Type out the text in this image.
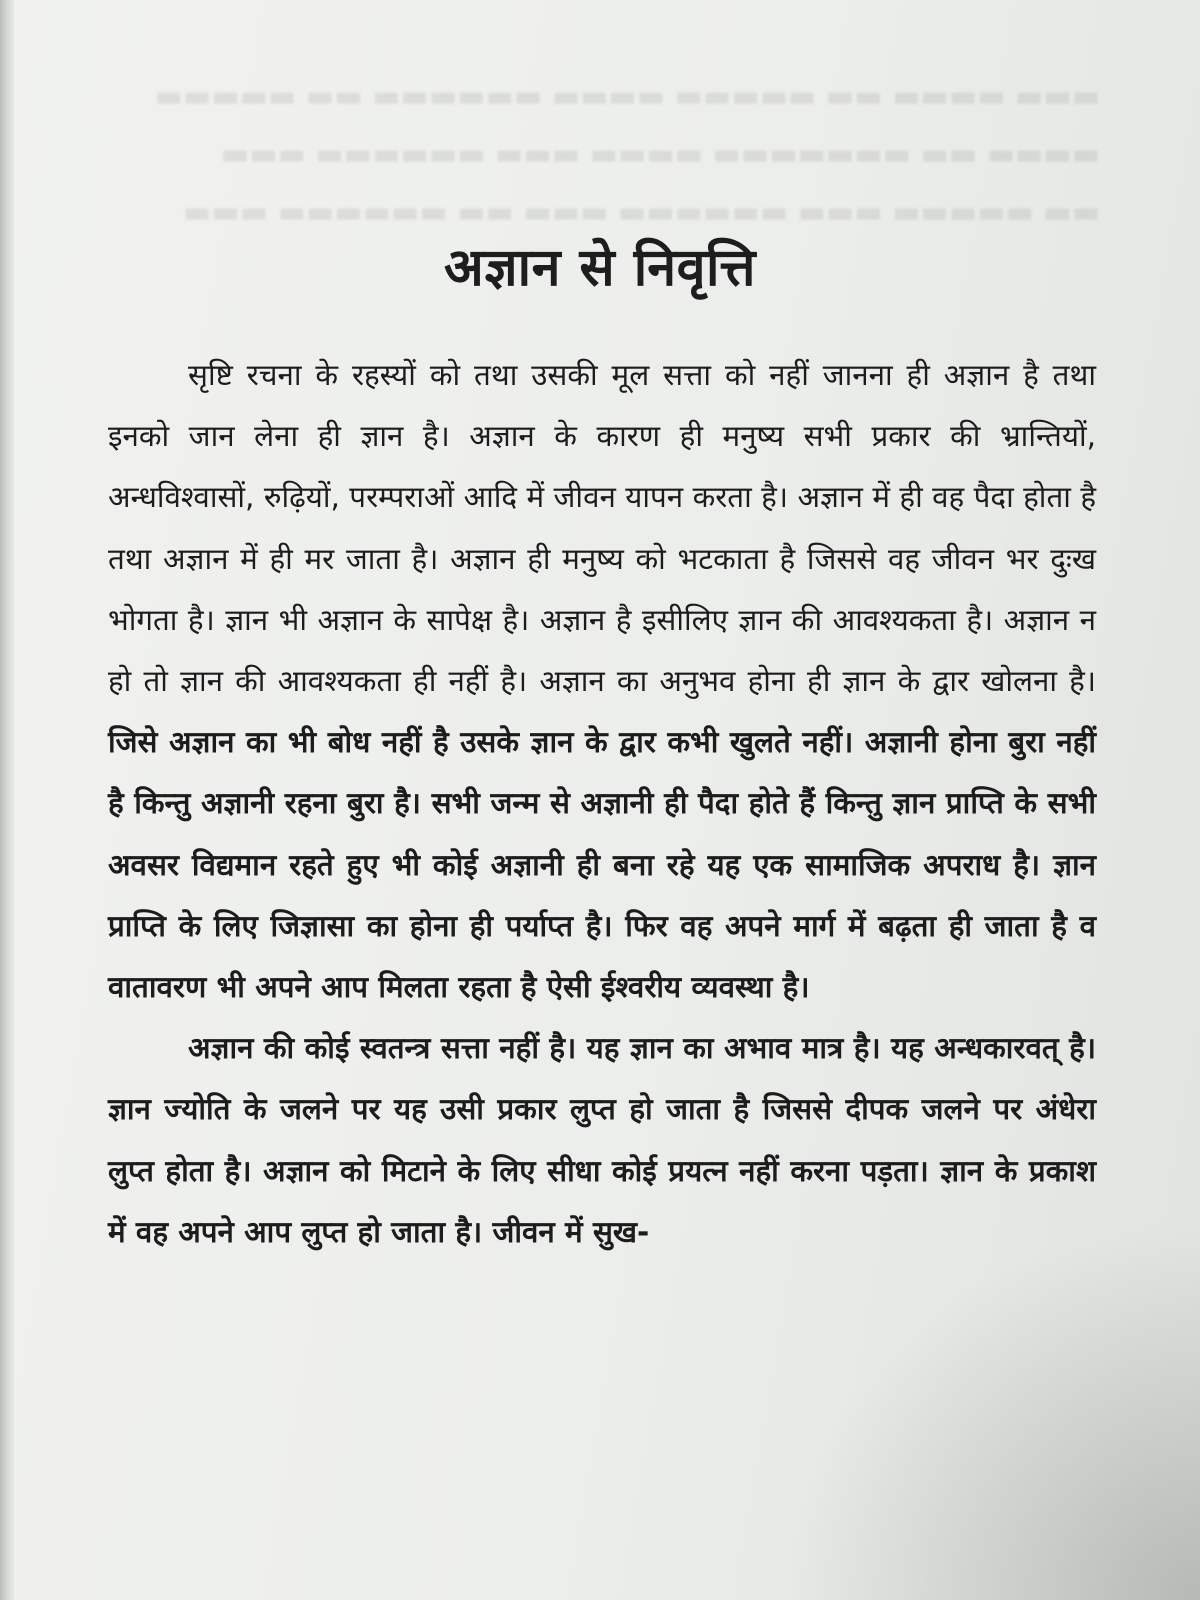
▬▬▬ ▬▬▬▬ ▬▬ ▬▬▬▬▬ ▬▬▬▬ ▬▬▬▬▬▬ ▬▬ ▬▬▬▬▬
▬▬▬▬ ▬▬ ▬▬▬▬▬▬▬ ▬▬▬▬ ▬▬▬ ▬▬▬▬▬▬ ▬▬▬
▬▬ ▬▬▬▬▬ ▬▬▬ ▬▬▬▬▬▬ ▬▬▬ ▬▬ ▬▬▬▬▬▬ ▬▬▬

अज्ञान से निवृत्ति

सृष्टि रचना के रहस्यों को तथा उसकी मूल सत्ता को नहीं जानना ही अज्ञान है तथा इनको जान लेना ही ज्ञान है। अज्ञान के कारण ही मनुष्य सभी प्रकार की भ्रान्तियों, अन्धविश्वासों, रुढ़ियों, परम्पराओं आदि में जीवन यापन करता है। अज्ञान में ही वह पैदा होता है तथा अज्ञान में ही मर जाता है। अज्ञान ही मनुष्य को भटकाता है जिससे वह जीवन भर दुःख भोगता है। ज्ञान भी अज्ञान के सापेक्ष है। अज्ञान है इसीलिए ज्ञान की आवश्यकता है। अज्ञान न हो तो ज्ञान की आवश्यकता ही नहीं है। अज्ञान का अनुभव होना ही ज्ञान के द्वार खोलना है। जिसे अज्ञान का भी बोध नहीं है उसके ज्ञान के द्वार कभी खुलते नहीं। अज्ञानी होना बुरा नहीं है किन्तु अज्ञानी रहना बुरा है। सभी जन्म से अज्ञानी ही पैदा होते हैं किन्तु ज्ञान प्राप्ति के सभी अवसर विद्यमान रहते हुए भी कोई अज्ञानी ही बना रहे यह एक सामाजिक अपराध है। ज्ञान प्राप्ति के लिए जिज्ञासा का होना ही पर्याप्त है। फिर वह अपने मार्ग में बढ़ता ही जाता है व वातावरण भी अपने आप मिलता रहता है ऐसी ईश्वरीय व्यवस्था है।

अज्ञान की कोई स्वतन्त्र सत्ता नहीं है। यह ज्ञान का अभाव मात्र है। यह अन्धकारवत् है। ज्ञान ज्योति के जलने पर यह उसी प्रकार लुप्त हो जाता है जिससे दीपक जलने पर अंधेरा लुप्त होता है। अज्ञान को मिटाने के लिए सीधा कोई प्रयत्न नहीं करना पड़ता। ज्ञान के प्रकाश में वह अपने आप लुप्त हो जाता है। जीवन में सुख-
